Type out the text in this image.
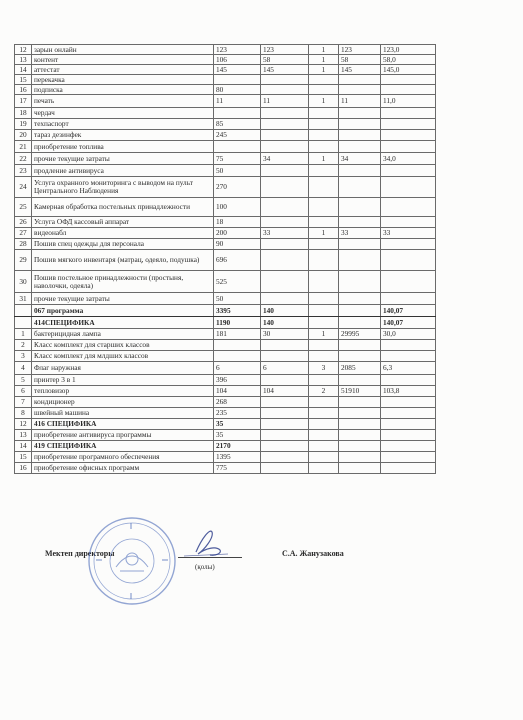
12	зарын онлайн	123	123	1	123	123,0
13	контент	106	58	1	58	58,0
14	аттестат	145	145	1	145	145,0
15	перекачка					
16	подписка	80				
17	печать	11	11	1	11	11,0
18	чердач					
19	техпаспорт	85				
20	тараз дезинфек	245				
21	приобретение топлива					
22	прочие текущие затраты	75	34	1	34	34,0
23	продление антивируса	50				
24	Услуга охранного мониторинга с выводом на пульт Центрального Наблюдения	270				
25	Камерная обработка постельных принадлежности	100				
26	Услуга ОФД кассовый аппарат	18				
27	видеонабл	200	33	1	33	33
28	Пошив спец одежды для персонала	90				
29	Пошив мягкого инвентаря (матрац, одеяло, подушка)	696				
30	Пошив постельное принадлежности (простыня, наволочки, одеяла)	525				
31	прочие текущие затраты	50				
	067 программа	3395	140			140,07
	414СПЕЦИФИКА	1190	140			140,07
1	бактерицидная лампа	181	30	1	29995	30,0
2	Класс комплект для старших классов					
3	Класс комплект для млдших классов					
4	Флаг наружная	6	6	3	2085	6,3
5	принтер 3 в 1	396				
6	тепловизор	104	104	2	51910	103,8
7	кондиционер	268				
8	швейный машина	235				
12	416 СПЕЦИФИКА	35				
13	приобретение антивируса программы	35				
14	419 СПЕЦИФИКА	2170				
15	приобретение програмного обеспечения	1395				
16	приобретение офисных программ	775				
Мектеп директоры
(қолы)
С.А. Жанузакова
